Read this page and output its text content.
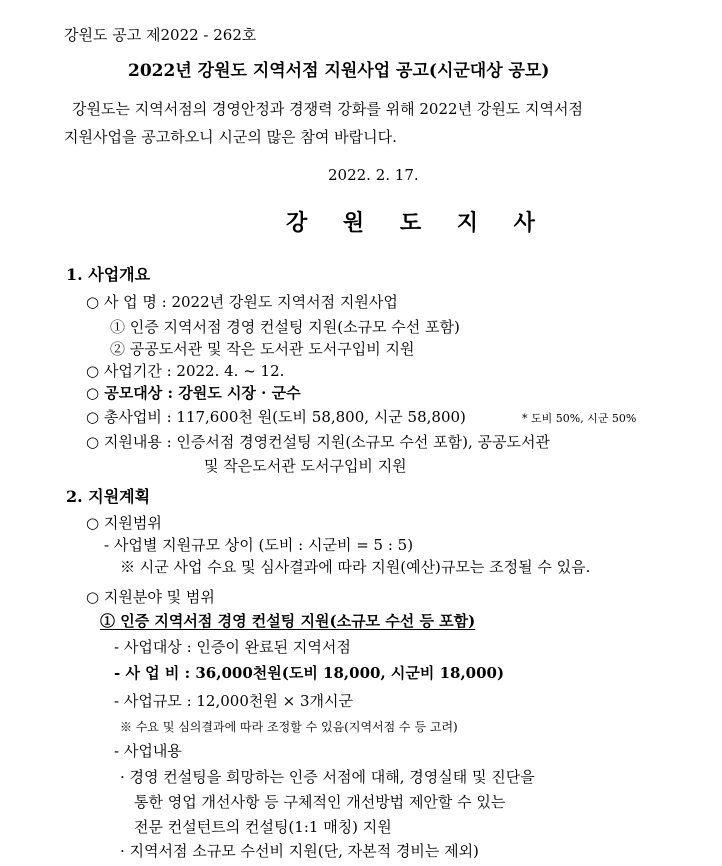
강원도 공고 제2022 - 262호
2022년 강원도 지역서점 지원사업 공고(시군대상 공모)
강원도는 지역서점의 경영안정과 경쟁력 강화를 위해 2022년 강원도 지역서점
지원사업을 공고하오니 시군의 많은 참여 바랍니다.
2022. 2. 17.
강 원 도 지 사
1. 사업개요
○ 사 업 명 : 2022년 강원도 지역서점 지원사업
① 인증 지역서점 경영 컨설팅 지원(소규모 수선 포함)
② 공공도서관 및 작은 도서관 도서구입비 지원
○ 사업기간 : 2022. 4. ~ 12.
○ 공모대상 : 강원도 시장 · 군수
○ 총사업비 : 117,600천 원(도비 58,800, 시군 58,800)	* 도비 50%, 시군 50%
○ 지원내용 : 인증서점 경영컨설팅 지원(소규모 수선 포함), 공공도서관
및 작은도서관 도서구입비 지원
2. 지원계획
○ 지원범위
- 사업별 지원규모 상이 (도비 : 시군비 = 5 : 5)
※ 시군 사업 수요 및 심사결과에 따라 지원(예산)규모는 조정될 수 있음.
○ 지원분야 및 범위
① 인증 지역서점 경영 컨설팅 지원(소규모 수선 등 포함)
- 사업대상 : 인증이 완료된 지역서점
- 사 업 비 : 36,000천원(도비 18,000, 시군비 18,000)
- 사업규모 : 12,000천원 × 3개시군
※ 수요 및 심의결과에 따라 조정할 수 있음(지역서점 수 등 고려)
- 사업내용
· 경영 컨설팅을 희망하는 인증 서점에 대해, 경영실태 및 진단을
통한 영업 개선사항 등 구체적인 개선방법 제안할 수 있는
전문 컨설턴트의 컨설팅(1:1 매칭) 지원
· 지역서점 소규모 수선비 지원(단, 자본적 경비는 제외)
